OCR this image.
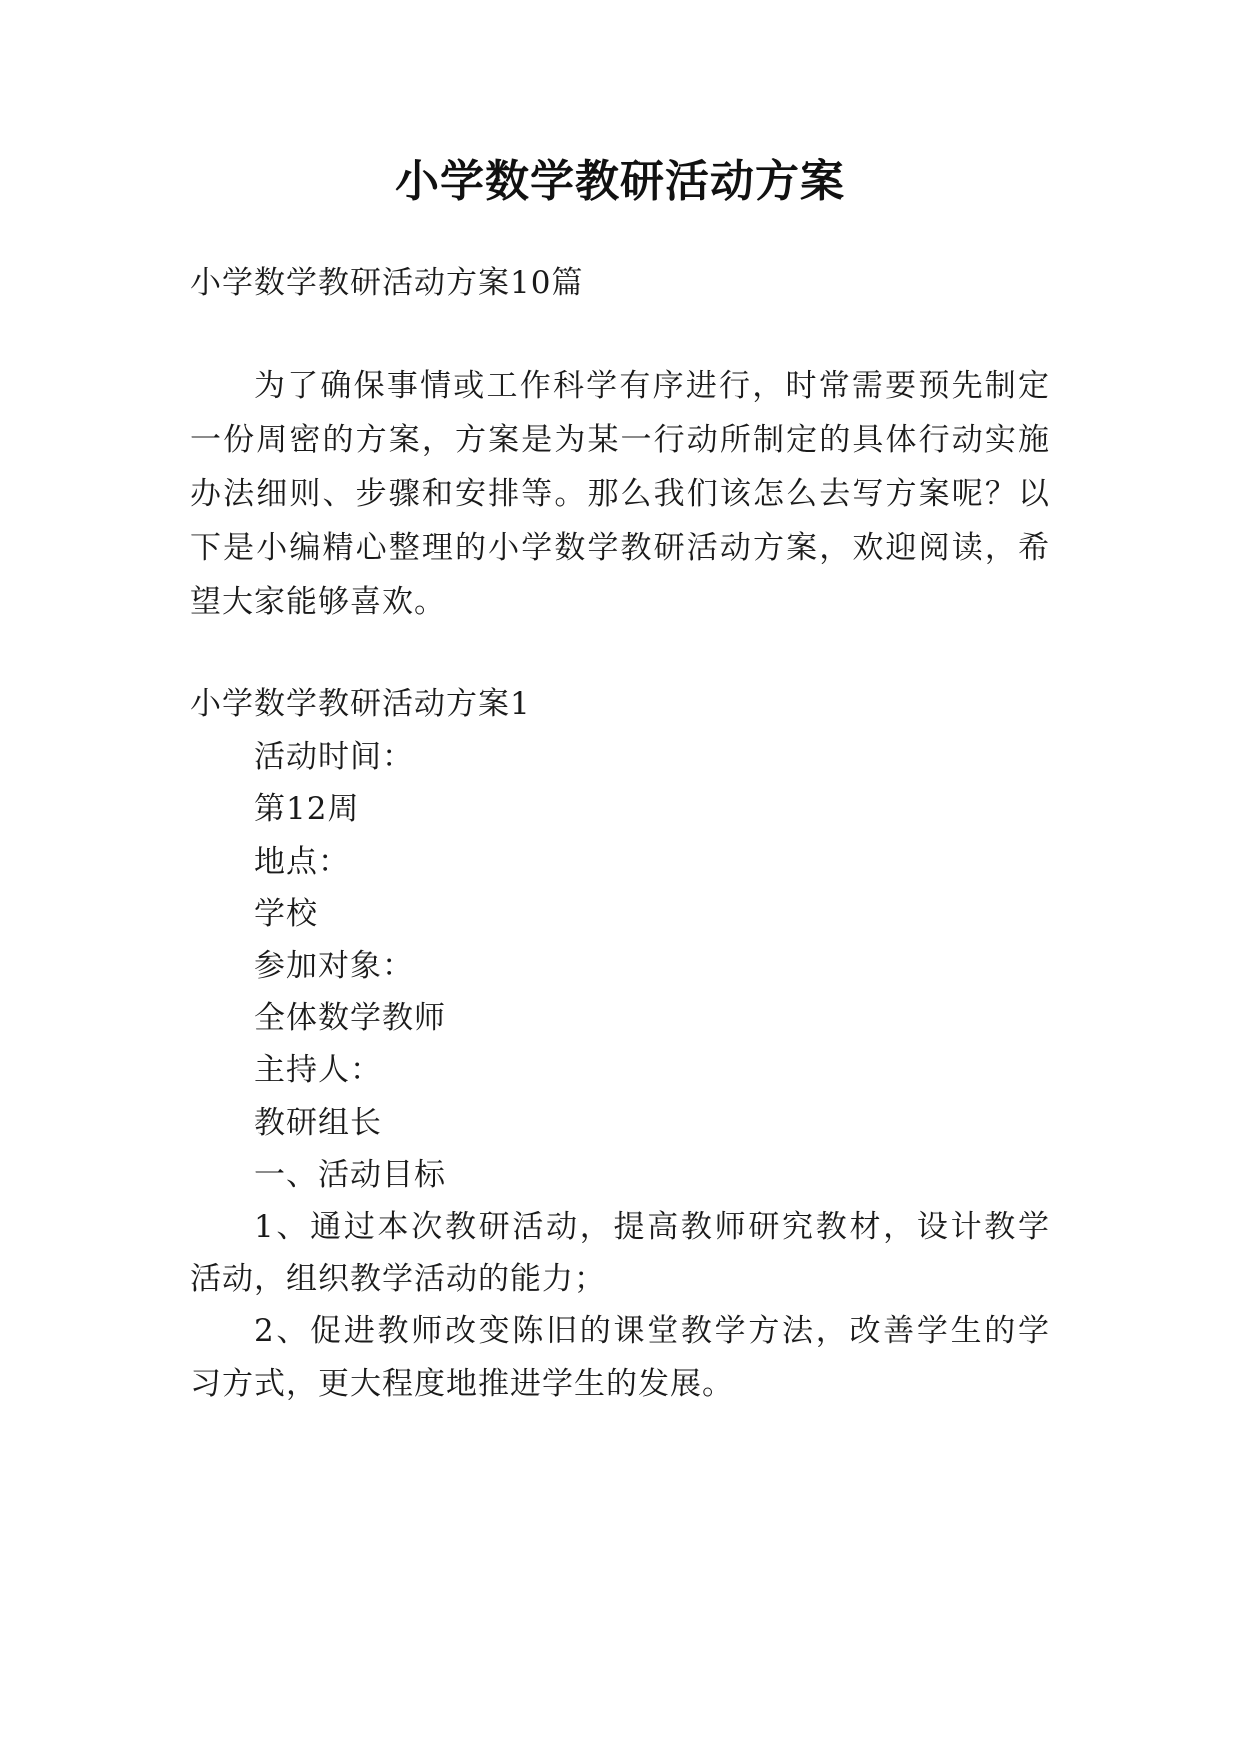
小学数学教研活动方案
小学数学教研活动方案10篇
为了确保事情或工作科学有序进行，时常需要预先制定
一份周密的方案，方案是为某一行动所制定的具体行动实施
办法细则、步骤和安排等。那么我们该怎么去写方案呢？以
下是小编精心整理的小学数学教研活动方案，欢迎阅读，希
望大家能够喜欢。
小学数学教研活动方案1
活动时间：
第12周
地点：
学校
参加对象：
全体数学教师
主持人：
教研组长
一、活动目标
1、通过本次教研活动，提高教师研究教材，设计教学
活动，组织教学活动的能力；
2、促进教师改变陈旧的课堂教学方法，改善学生的学
习方式，更大程度地推进学生的发展。
